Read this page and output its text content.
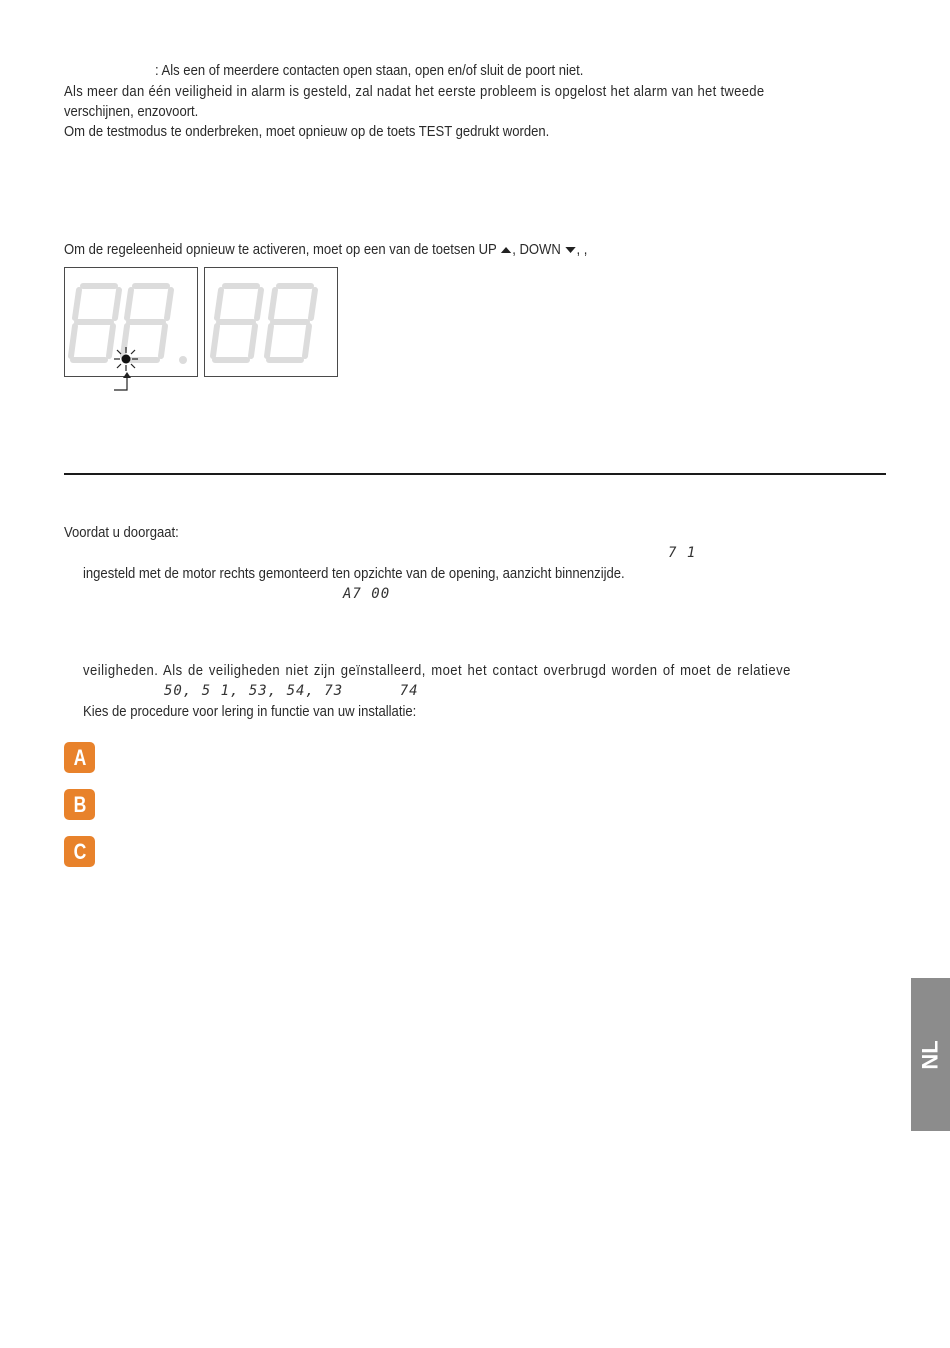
: Als een of meerdere contacten open staan, open en/of sluit de poort niet.
Als meer dan één veiligheid in alarm is gesteld, zal nadat het eerste probleem is opgelost het alarm van het tweede
verschijnen, enzovoort.
Om de testmodus te onderbreken, moet opnieuw op de toets TEST gedrukt worden.
Om de regeleenheid opnieuw te activeren, moet op een van de toetsen UP , DOWN , ,
Voordat u doorgaat:
7 1
ingesteld met de motor rechts gemonteerd ten opzichte van de opening, aanzicht binnenzijde.
A7 00
veiligheden. Als de veiligheden niet zijn geïnstalleerd, moet het contact overbrugd worden of moet de relatieve
50, 5 1, 53, 54, 73      74
Kies de procedure voor lering in functie van uw installatie:
A
B
C
NL
